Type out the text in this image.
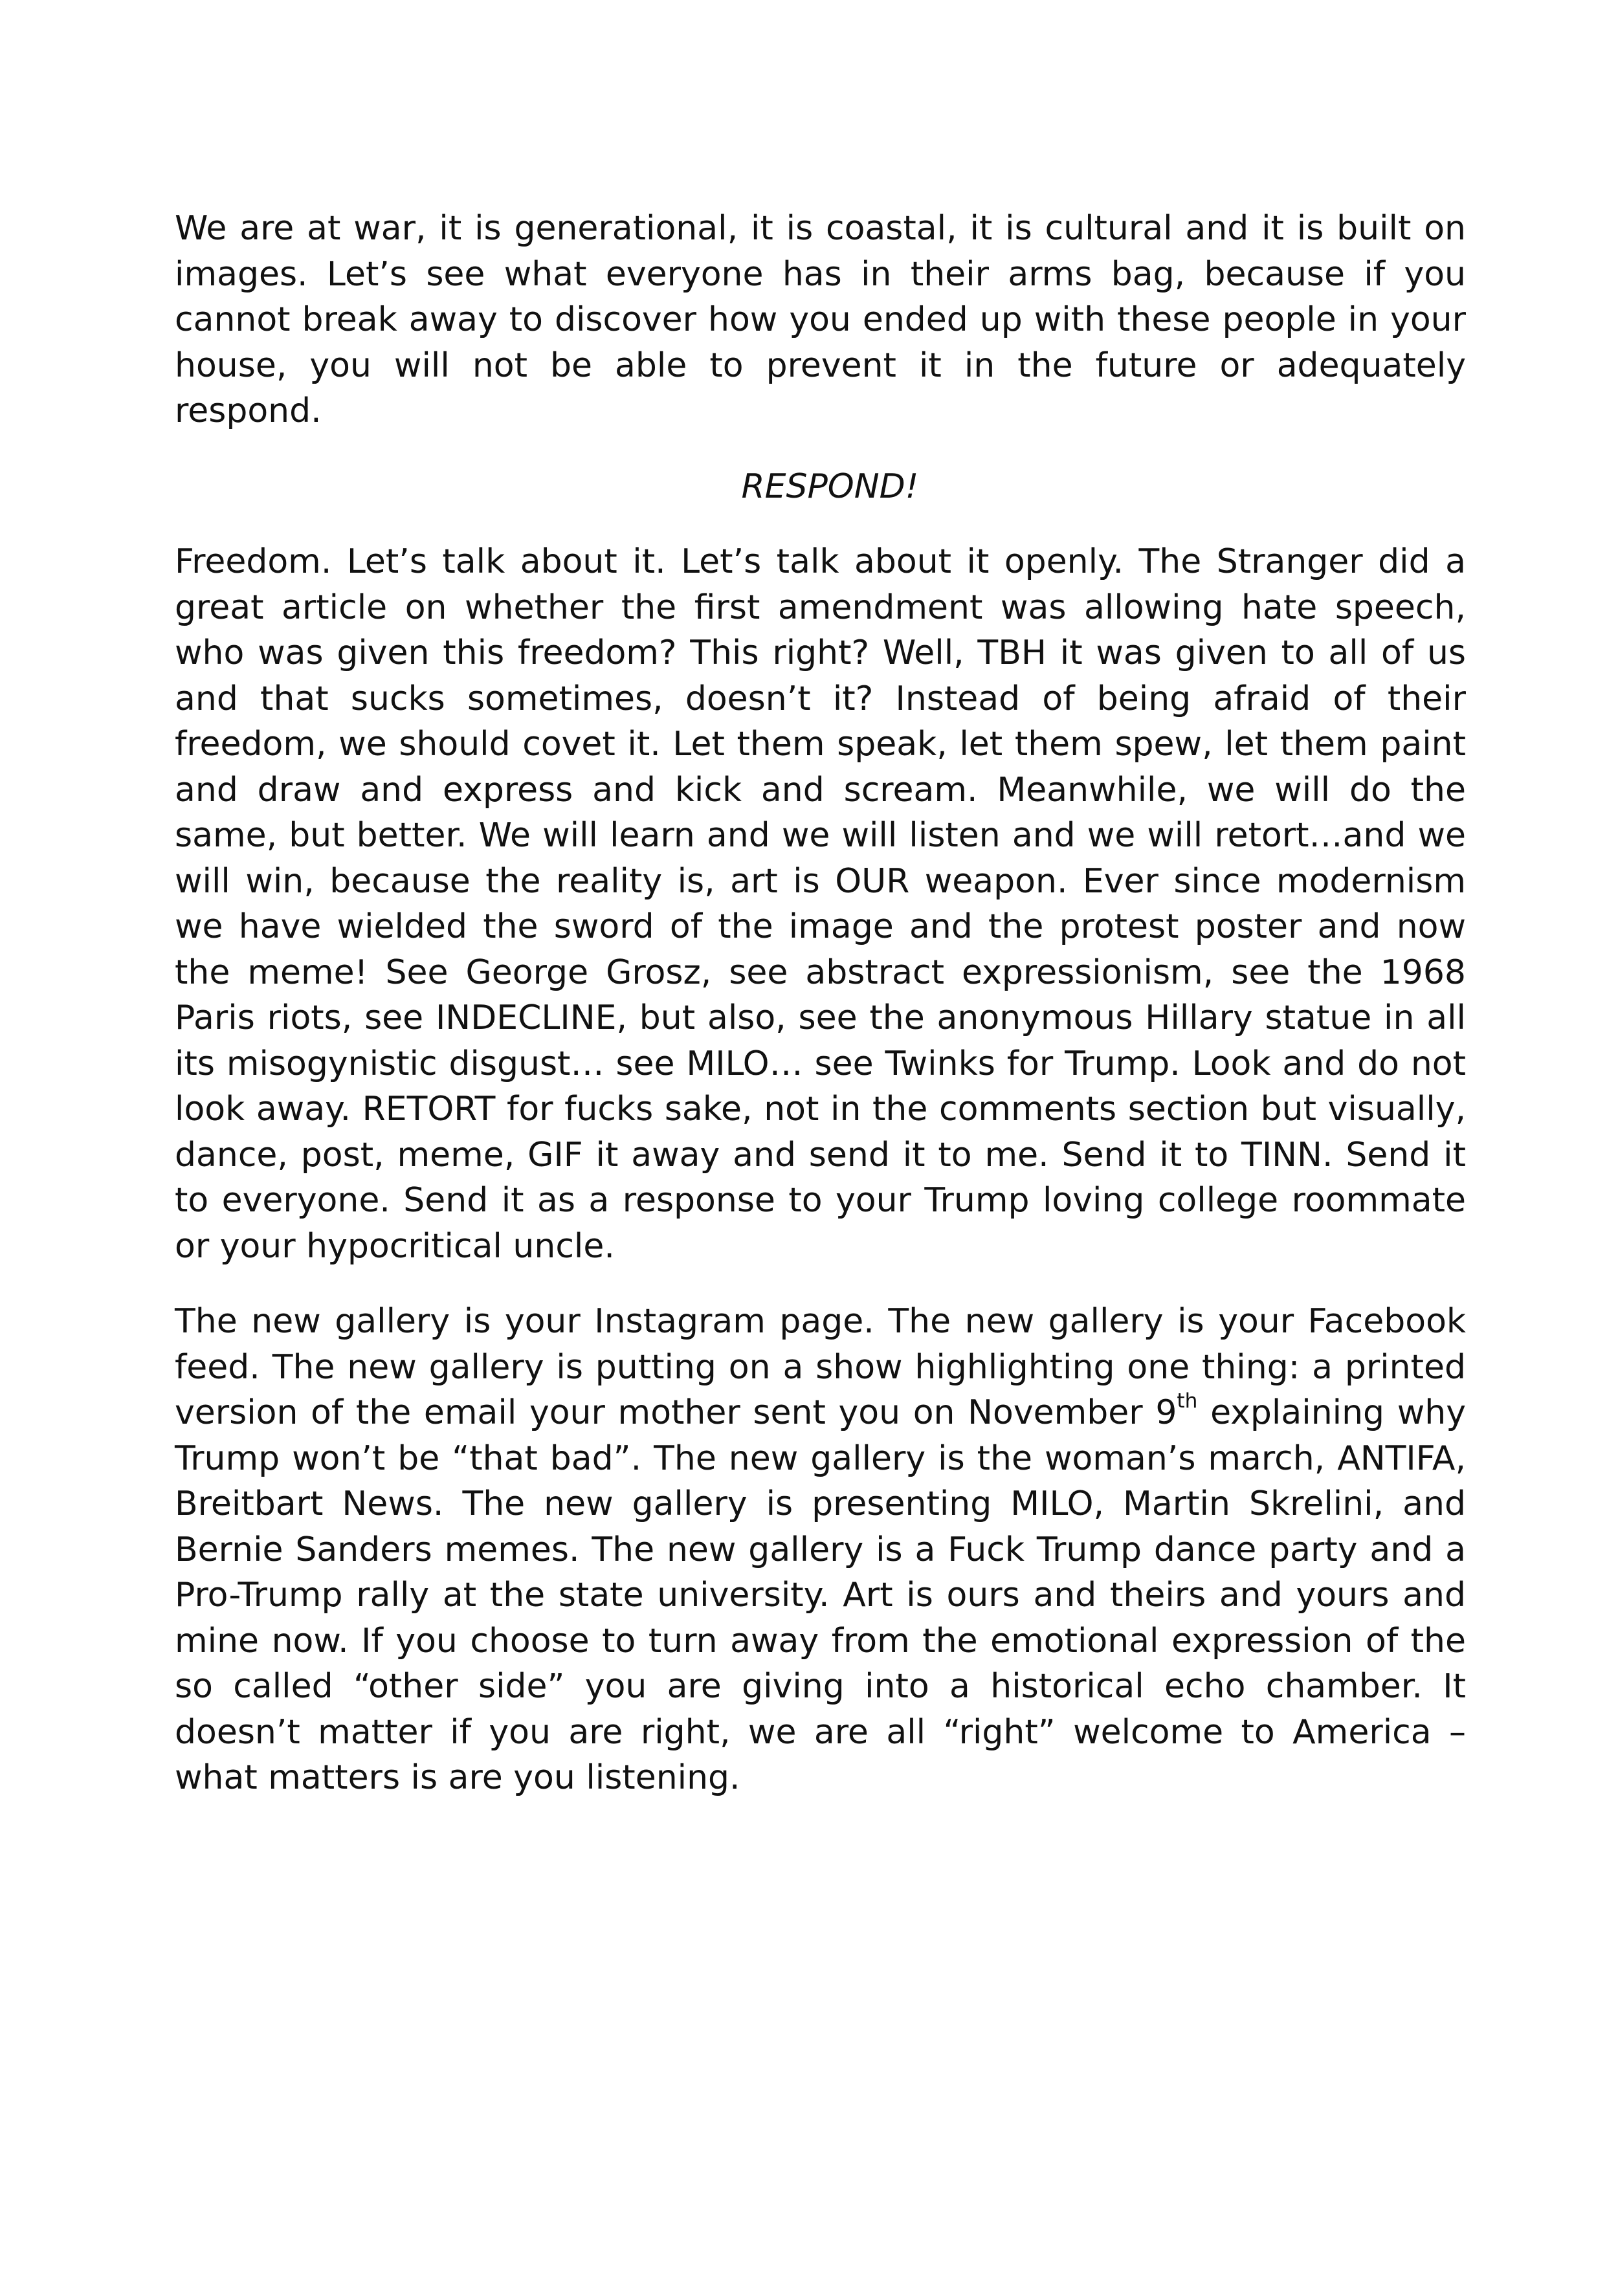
We are at war, it is generational, it is coastal, it is cultural and it is built on images. Let’s see what everyone has in their arms bag, because if you cannot break away to discover how you ended up with these people in your house, you will not be able to prevent it in the future or adequately respond.

RESPOND!

Freedom. Let’s talk about it. Let’s talk about it openly. The Stranger did a great article on whether the first amendment was allowing hate speech, who was given this freedom? This right? Well, TBH it was given to all of us and that sucks sometimes, doesn’t it? Instead of being afraid of their freedom, we should covet it. Let them speak, let them spew, let them paint and draw and express and kick and scream. Meanwhile, we will do the same, but better. We will learn and we will listen and we will retort…and we will win, because the reality is, art is OUR weapon. Ever since modernism we have wielded the sword of the image and the protest poster and now the meme! See George Grosz, see abstract expressionism, see the 1968 Paris riots, see INDECLINE, but also, see the anonymous Hillary statue in all its misogynistic disgust… see MILO… see Twinks for Trump. Look and do not look away. RETORT for fucks sake, not in the comments section but visually, dance, post, meme, GIF it away and send it to me. Send it to TINN. Send it to everyone. Send it as a response to your Trump loving college roommate or your hypocritical uncle.

The new gallery is your Instagram page. The new gallery is your Facebook feed. The new gallery is putting on a show highlighting one thing: a printed version of the email your mother sent you on November 9th explaining why Trump won’t be “that bad”. The new gallery is the woman’s march, ANTIFA, Breitbart News. The new gallery is presenting MILO, Martin Skrelini, and Bernie Sanders memes. The new gallery is a Fuck Trump dance party and a Pro-Trump rally at the state university. Art is ours and theirs and yours and mine now. If you choose to turn away from the emotional expression of the so called “other side” you are giving into a historical echo chamber. It doesn’t matter if you are right, we are all “right” welcome to America – what matters is are you listening.
